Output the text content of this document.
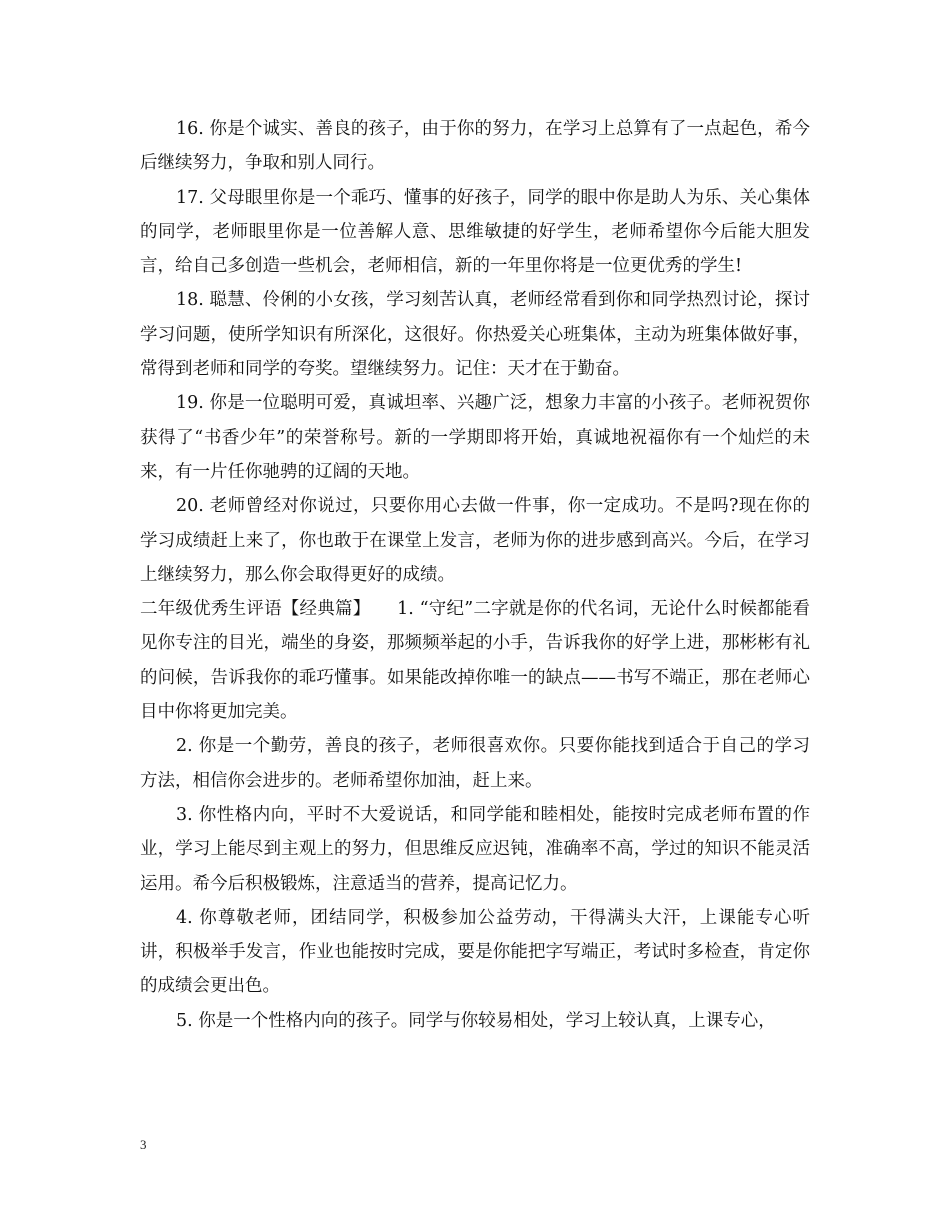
16. 你是个诚实、善良的孩子，由于你的努力，在学习上总算有了一点起色，希今后继续努力，争取和别人同行。

17. 父母眼里你是一个乖巧、懂事的好孩子，同学的眼中你是助人为乐、关心集体的同学，老师眼里你是一位善解人意、思维敏捷的好学生，老师希望你今后能大胆发言，给自己多创造一些机会，老师相信，新的一年里你将是一位更优秀的学生!

18. 聪慧、伶俐的小女孩，学习刻苦认真，老师经常看到你和同学热烈讨论，探讨学习问题，使所学知识有所深化，这很好。你热爱关心班集体，主动为班集体做好事，常得到老师和同学的夸奖。望继续努力。记住：天才在于勤奋。

19. 你是一位聪明可爱，真诚坦率、兴趣广泛，想象力丰富的小孩子。老师祝贺你获得了“书香少年”的荣誉称号。新的一学期即将开始，真诚地祝福你有一个灿烂的未来，有一片任你驰骋的辽阔的天地。

20. 老师曾经对你说过，只要你用心去做一件事，你一定成功。不是吗?现在你的学习成绩赶上来了，你也敢于在课堂上发言，老师为你的进步感到高兴。今后，在学习上继续努力，那么你会取得更好的成绩。

二年级优秀生评语【经典篇】　　1. “守纪”二字就是你的代名词，无论什么时候都能看见你专注的目光，端坐的身姿，那频频举起的小手，告诉我你的好学上进，那彬彬有礼的问候，告诉我你的乖巧懂事。如果能改掉你唯一的缺点——书写不端正，那在老师心目中你将更加完美。

2. 你是一个勤劳，善良的孩子，老师很喜欢你。只要你能找到适合于自己的学习方法，相信你会进步的。老师希望你加油，赶上来。

3. 你性格内向，平时不大爱说话，和同学能和睦相处，能按时完成老师布置的作业，学习上能尽到主观上的努力，但思维反应迟钝，准确率不高，学过的知识不能灵活运用。希今后积极锻炼，注意适当的营养，提高记忆力。

4. 你尊敬老师，团结同学，积极参加公益劳动，干得满头大汗，上课能专心听讲，积极举手发言，作业也能按时完成，要是你能把字写端正，考试时多检查，肯定你的成绩会更出色。

5. 你是一个性格内向的孩子。同学与你较易相处，学习上较认真，上课专心，

3
